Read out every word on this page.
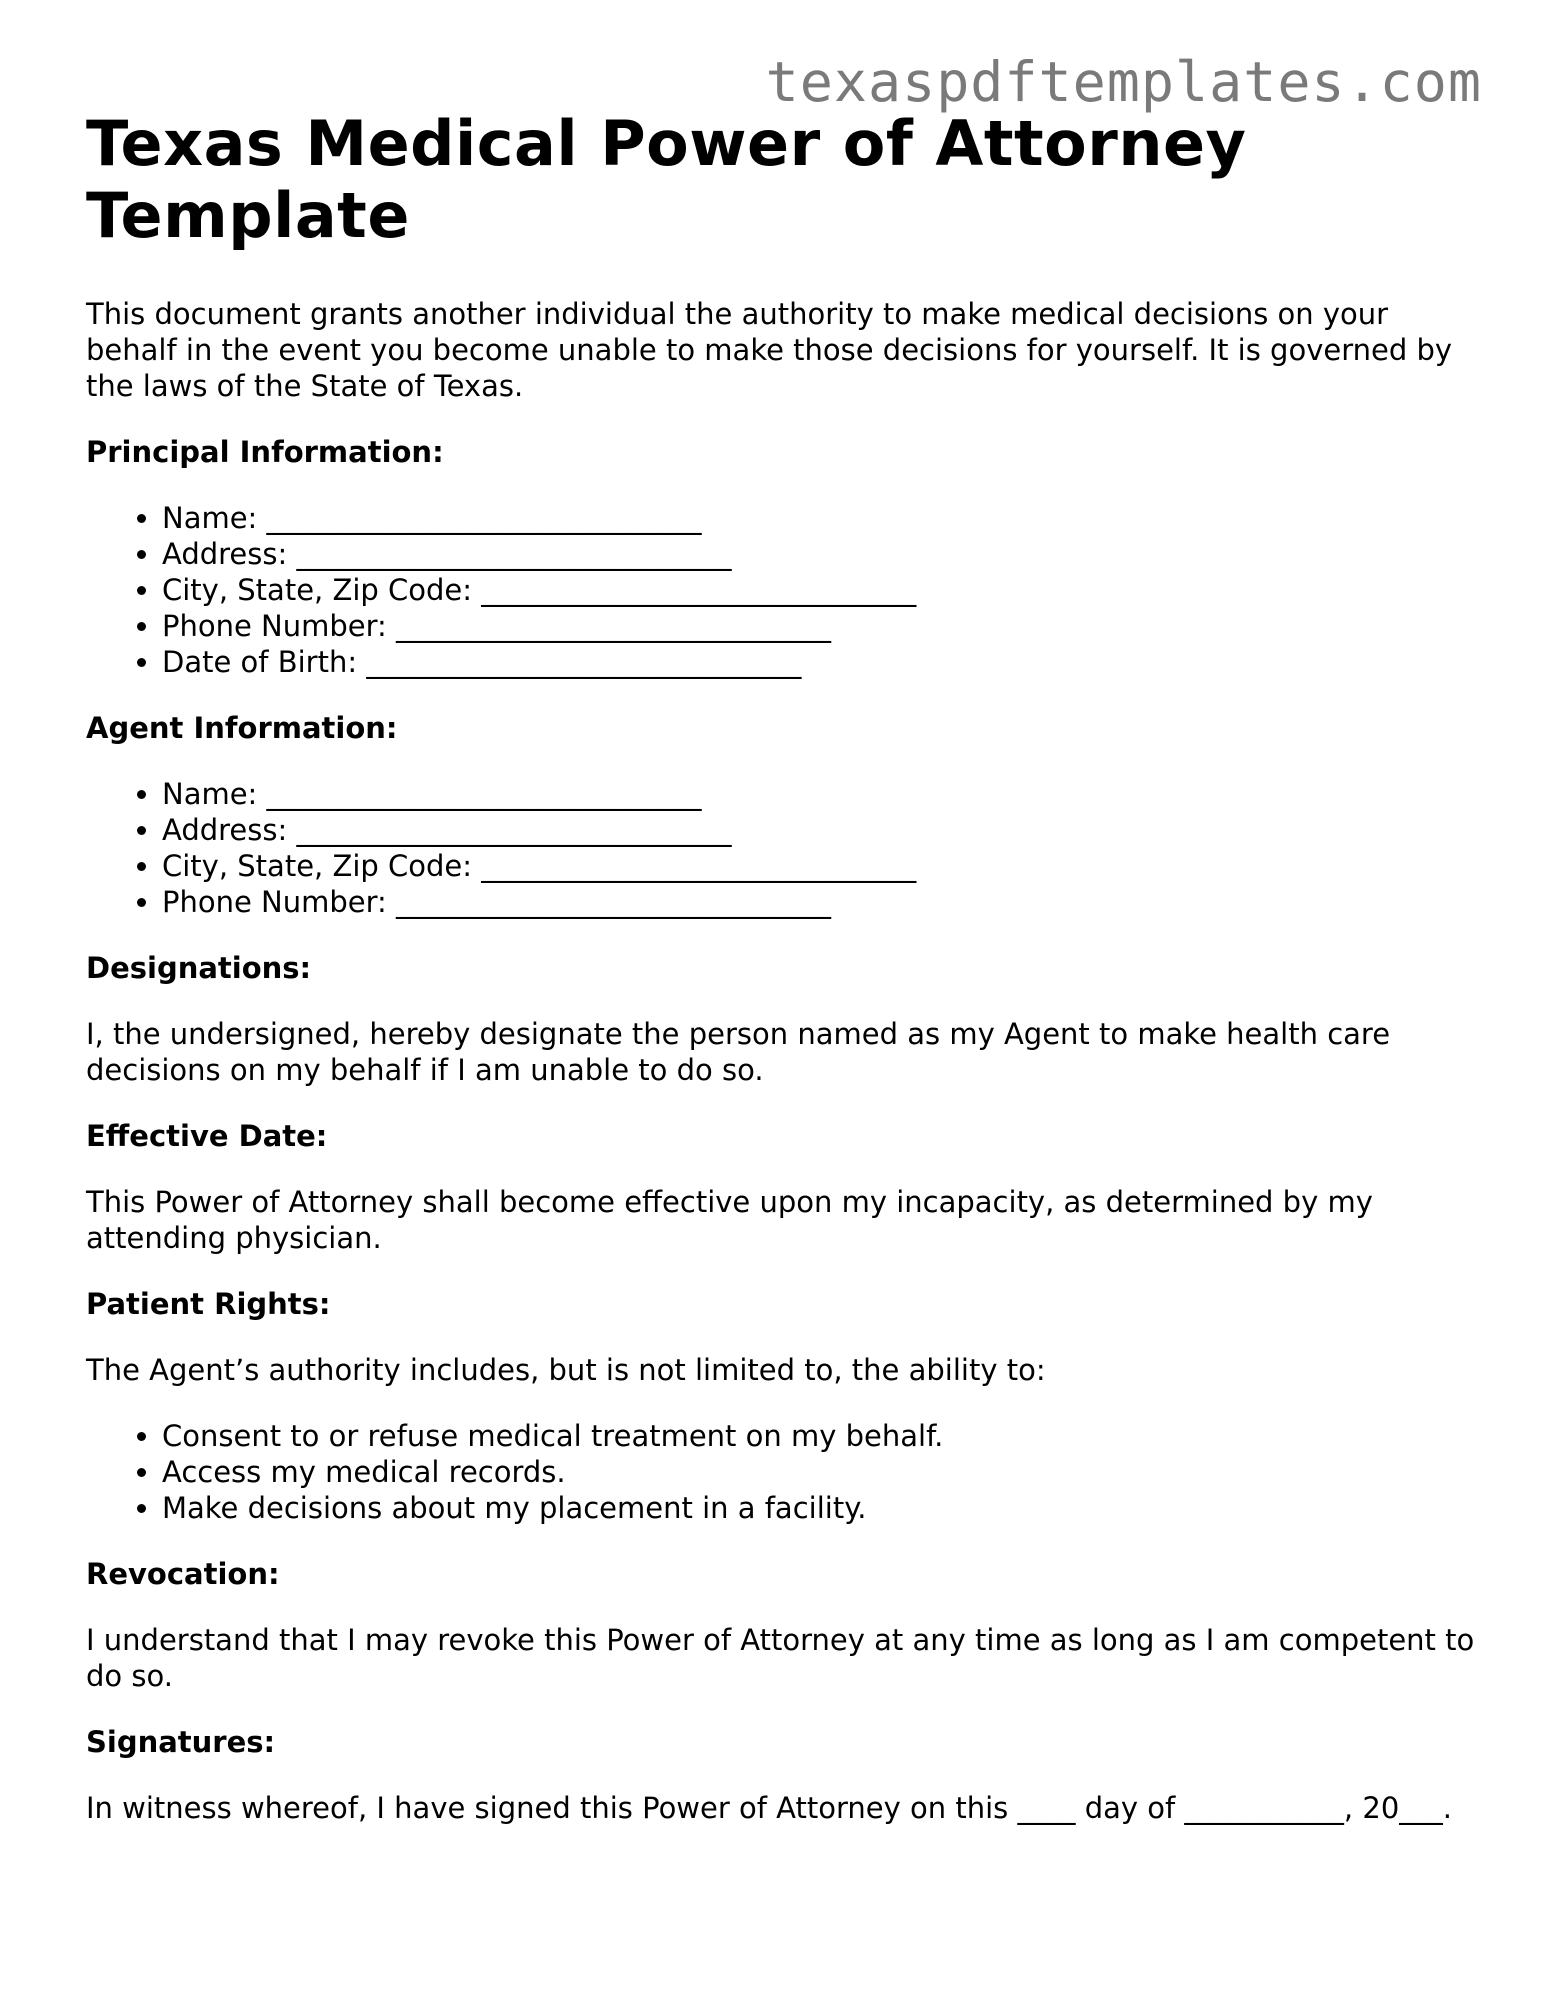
texaspdftemplates.com
Texas Medical Power of Attorney Template

This document grants another individual the authority to make medical decisions on your behalf in the event you become unable to make those decisions for yourself. It is governed by the laws of the State of Texas.

Principal Information:
• Name: ______________________________
• Address: ______________________________
• City, State, Zip Code: ______________________________
• Phone Number: ______________________________
• Date of Birth: ______________________________
Agent Information:
• Name: ______________________________
• Address: ______________________________
• City, State, Zip Code: ______________________________
• Phone Number: ______________________________
Designations:

I, the undersigned, hereby designate the person named as my Agent to make health care decisions on my behalf if I am unable to do so.

Effective Date:

This Power of Attorney shall become effective upon my incapacity, as determined by my attending physician.

Patient Rights:

The Agent’s authority includes, but is not limited to, the ability to:

• Consent to or refuse medical treatment on my behalf.
• Access my medical records.
• Make decisions about my placement in a facility.
Revocation:

I understand that I may revoke this Power of Attorney at any time as long as I am competent to do so.

Signatures:

In witness whereof, I have signed this Power of Attorney on this ____ day of ___________, 20___.
